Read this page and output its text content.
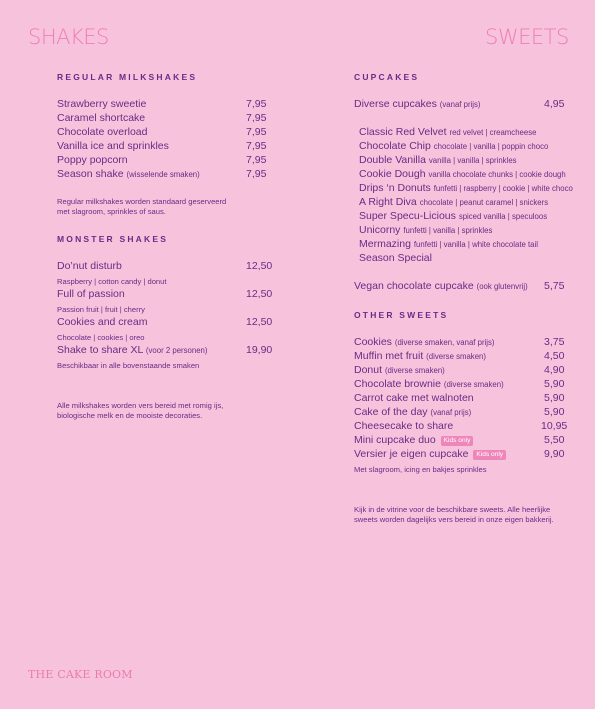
SHAKES	SWEETS
REGULAR MILKSHAKES
Strawberry sweetie	7,95
Caramel shortcake	7,95
Chocolate overload	7,95
Vanilla ice and sprinkles	7,95
Poppy popcorn	7,95
Season shake (wisselende smaken)	7,95
Regular milkshakes worden standaard geserveerd
met slagroom, sprinkles of saus.
MONSTER SHAKES
Do’nut disturb	12,50
Raspberry | cotton candy | donut
Full of passion	12,50
Passion fruit | fruit | cherry
Cookies and cream	12,50
Chocolate | cookies | oreo
Shake to share XL (voor 2 personen)	19,90
Beschikbaar in alle bovenstaande smaken
Alle milkshakes worden vers bereid met romig ijs,
biologische melk en de mooiste decoraties.
CUPCAKES
Diverse cupcakes (vanaf prijs)	4,95
Classic Red Velvet red velvet | creamcheese
Chocolate Chip chocolate | vanilla | poppin choco
Double Vanilla vanilla | vanilla | sprinkles
Cookie Dough vanilla chocolate chunks | cookie dough
Drips ‘n Donuts funfetti | raspberry | cookie | white choco
A Right Diva chocolate | peanut caramel | snickers
Super Specu-Licious spiced vanilla | speculoos
Unicorny funfetti | vanilla | sprinkles
Mermazing funfetti | vanilla | white chocolate tail
Season Special
Vegan chocolate cupcake (ook glutenvrij) 5,75
OTHER SWEETS
Cookies (diverse smaken, vanaf prijs)	3,75
Muffin met fruit (diverse smaken)	4,50
Donut (diverse smaken)	4,90
Chocolate brownie (diverse smaken)	5,90
Carrot cake met walnoten	5,90
Cake of the day (vanaf prijs)	5,90
Cheesecake to share	10,95
Mini cupcake duo Kids only	5,50
Versier je eigen cupcake Kids only	9,90
Met slagroom, icing en bakjes sprinkles
Kijk in de vitrine voor de beschikbare sweets. Alle heerlijke
sweets worden dagelijks vers bereid in onze eigen bakkerij.
THE CAKE ROOM
